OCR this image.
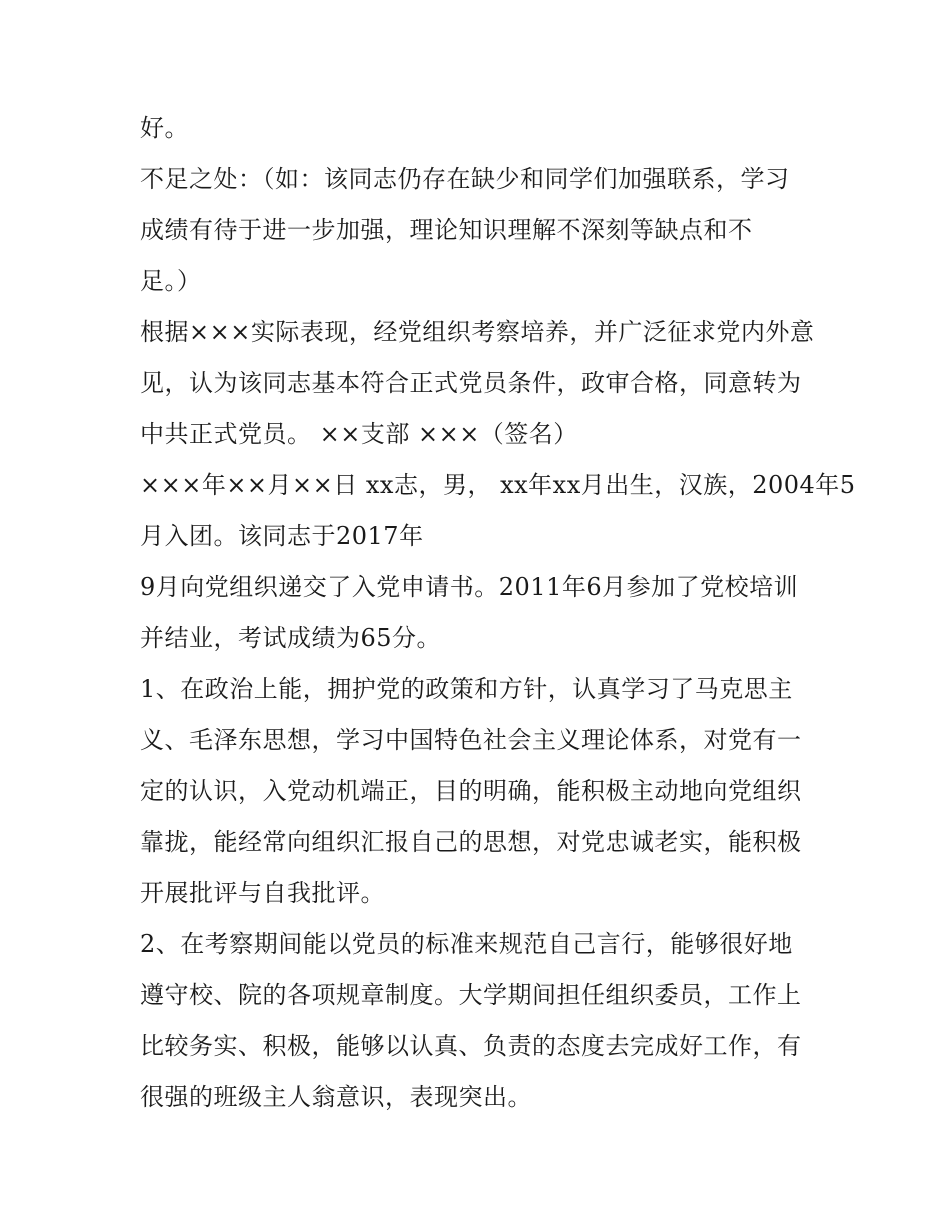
好。
不足之处：（如：该同志仍存在缺少和同学们加强联系，学习
成绩有待于进一步加强，理论知识理解不深刻等缺点和不
足。）
根据×××实际表现，经党组织考察培养，并广泛征求党内外意
见，认为该同志基本符合正式党员条件，政审合格，同意转为
中共正式党员。 ××支部 ×××（签名）
×××年××月××日 xx志，男， xx年xx月出生，汉族，2004年5
月入团。该同志于2017年
9月向党组织递交了入党申请书。2011年6月参加了党校培训
并结业，考试成绩为65分。
1、在政治上能，拥护党的政策和方针，认真学习了马克思主
义、毛泽东思想，学习中国特色社会主义理论体系，对党有一
定的认识，入党动机端正，目的明确，能积极主动地向党组织
靠拢，能经常向组织汇报自己的思想，对党忠诚老实，能积极
开展批评与自我批评。
2、在考察期间能以党员的标准来规范自己言行，能够很好地
遵守校、院的各项规章制度。大学期间担任组织委员，工作上
比较务实、积极，能够以认真、负责的态度去完成好工作，有
很强的班级主人翁意识，表现突出。
